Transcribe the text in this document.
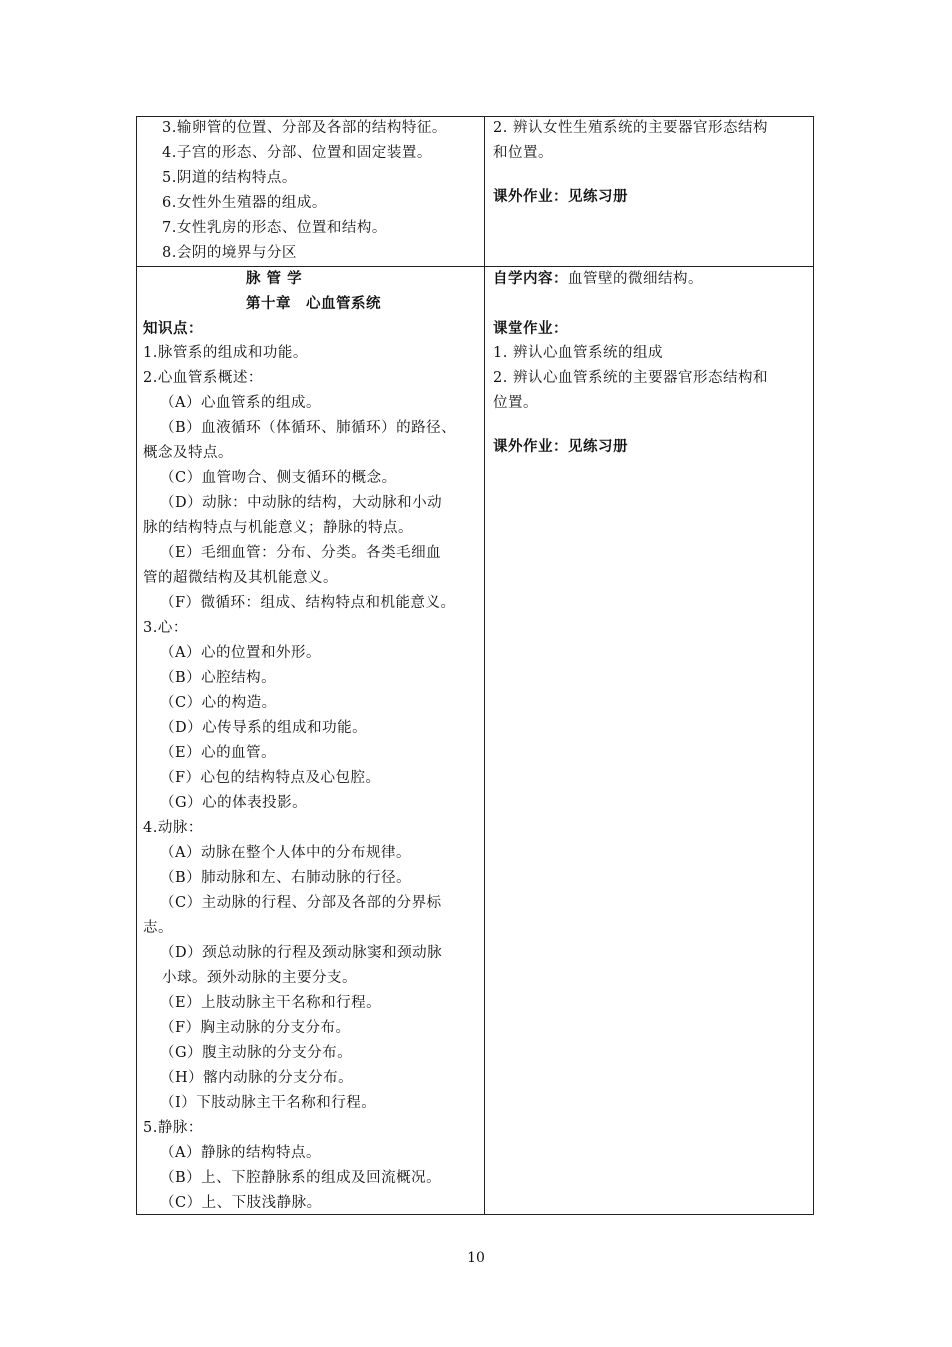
3.输卵管的位置、分部及各部的结构特征。
4.子宫的形态、分部、位置和固定装置。
5.阴道的结构特点。
6.女性外生殖器的组成。
7.女性乳房的形态、位置和结构。
8.会阴的境界与分区
脉 管 学
第十章　心血管系统
知识点：
1.脉管系的组成和功能。
2.心血管系概述：
（A）心血管系的组成。
（B）血液循环（体循环、肺循环）的路径、
概念及特点。
（C）血管吻合、侧支循环的概念。
（D）动脉：中动脉的结构，大动脉和小动
脉的结构特点与机能意义；静脉的特点。
（E）毛细血管：分布、分类。各类毛细血
管的超微结构及其机能意义。
（F）微循环：组成、结构特点和机能意义。
3.心：
（A）心的位置和外形。
（B）心腔结构。
（C）心的构造。
（D）心传导系的组成和功能。
（E）心的血管。
（F）心包的结构特点及心包腔。
（G）心的体表投影。
4.动脉：
（A）动脉在整个人体中的分布规律。
（B）肺动脉和左、右肺动脉的行径。
（C）主动脉的行程、分部及各部的分界标
志。
（D）颈总动脉的行程及颈动脉窦和颈动脉
小球。颈外动脉的主要分支。
（E）上肢动脉主干名称和行程。
（F）胸主动脉的分支分布。
（G）腹主动脉的分支分布。
（H）髂内动脉的分支分布。
（I）下肢动脉主干名称和行程。
5.静脉：
（A）静脉的结构特点。
（B）上、下腔静脉系的组成及回流概况。
（C）上、下肢浅静脉。
2. 辨认女性生殖系统的主要器官形态结构
和位置。
课外作业：见练习册
自学内容：血管壁的微细结构。
课堂作业：
1. 辨认心血管系统的组成
2. 辨认心血管系统的主要器官形态结构和
位置。
课外作业：见练习册
10
